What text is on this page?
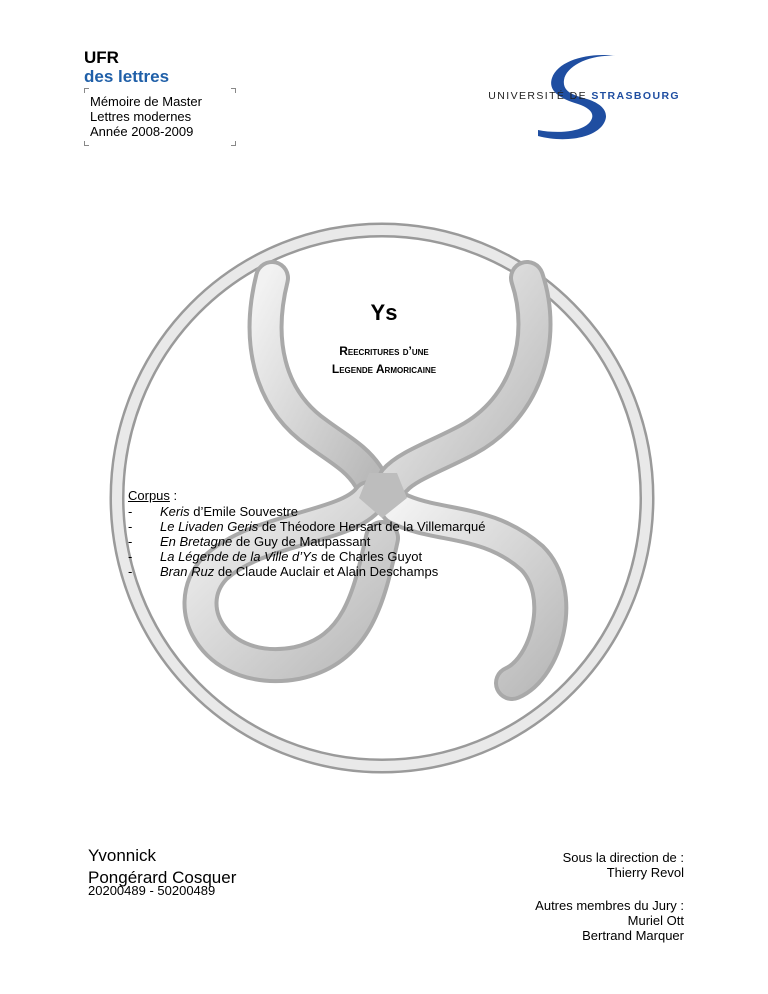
UFR
des lettres
Mémoire de Master
Lettres modernes
Année 2008-2009
UNIVERSITÉ DE STRASBOURG
Ys
Reecritures d’une
Legende Armoricaine
Corpus :
- Keris d’Emile Souvestre
- Le Livaden Geris de Théodore Hersart de la Villemarqué
- En Bretagne de Guy de Maupassant
- La Légende de la Ville d’Ys de Charles Guyot
- Bran Ruz de Claude Auclair et Alain Deschamps
Yvonnick
Pongérard Cosquer
20200489 - 50200489
Sous la direction de :
Thierry Revol
Autres membres du Jury :
Muriel Ott
Bertrand Marquer
